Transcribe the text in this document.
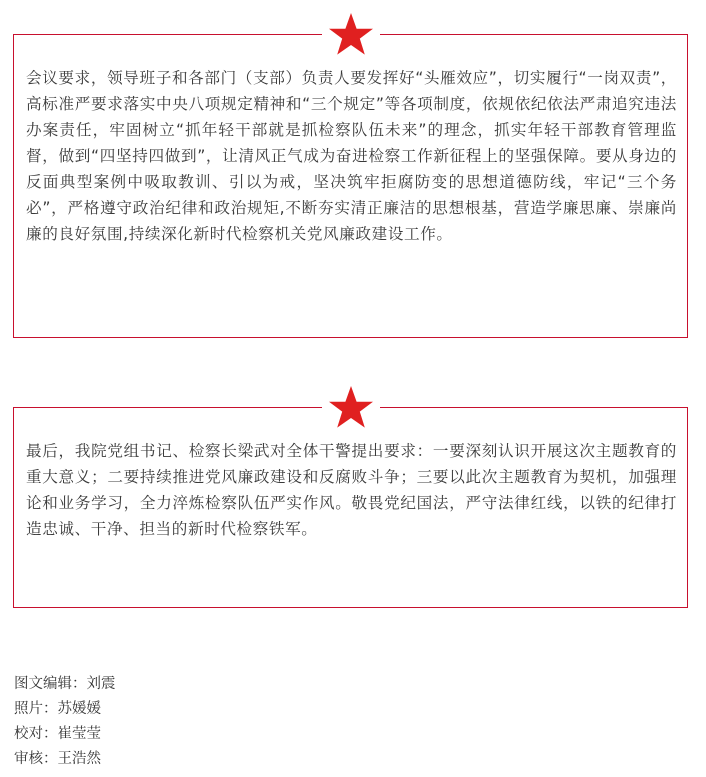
会议要求，领导班子和各部门（支部）负责人要发挥好“头雁效应”，切实履行“一岗双责”，高标准严要求落实中央八项规定精神和“三个规定”等各项制度，依规依纪依法严肃追究违法办案责任，牢固树立“抓年轻干部就是抓检察队伍未来”的理念，抓实年轻干部教育管理监督，做到“四坚持四做到”，让清风正气成为奋进检察工作新征程上的坚强保障。要从身边的反面典型案例中吸取教训、引以为戒，坚决筑牢拒腐防变的思想道德防线，牢记“三个务必”，严格遵守政治纪律和政治规矩,不断夯实清正廉洁的思想根基，营造学廉思廉、崇廉尚廉的良好氛围,持续深化新时代检察机关党风廉政建设工作。

最后，我院党组书记、检察长梁武对全体干警提出要求：一要深刻认识开展这次主题教育的重大意义；二要持续推进党风廉政建设和反腐败斗争；三要以此次主题教育为契机，加强理论和业务学习，全力淬炼检察队伍严实作风。敬畏党纪国法，严守法律红线，以铁的纪律打造忠诚、干净、担当的新时代检察铁军。

图文编辑：刘震
照片：苏媛媛
校对：崔莹莹
审核：王浩然
